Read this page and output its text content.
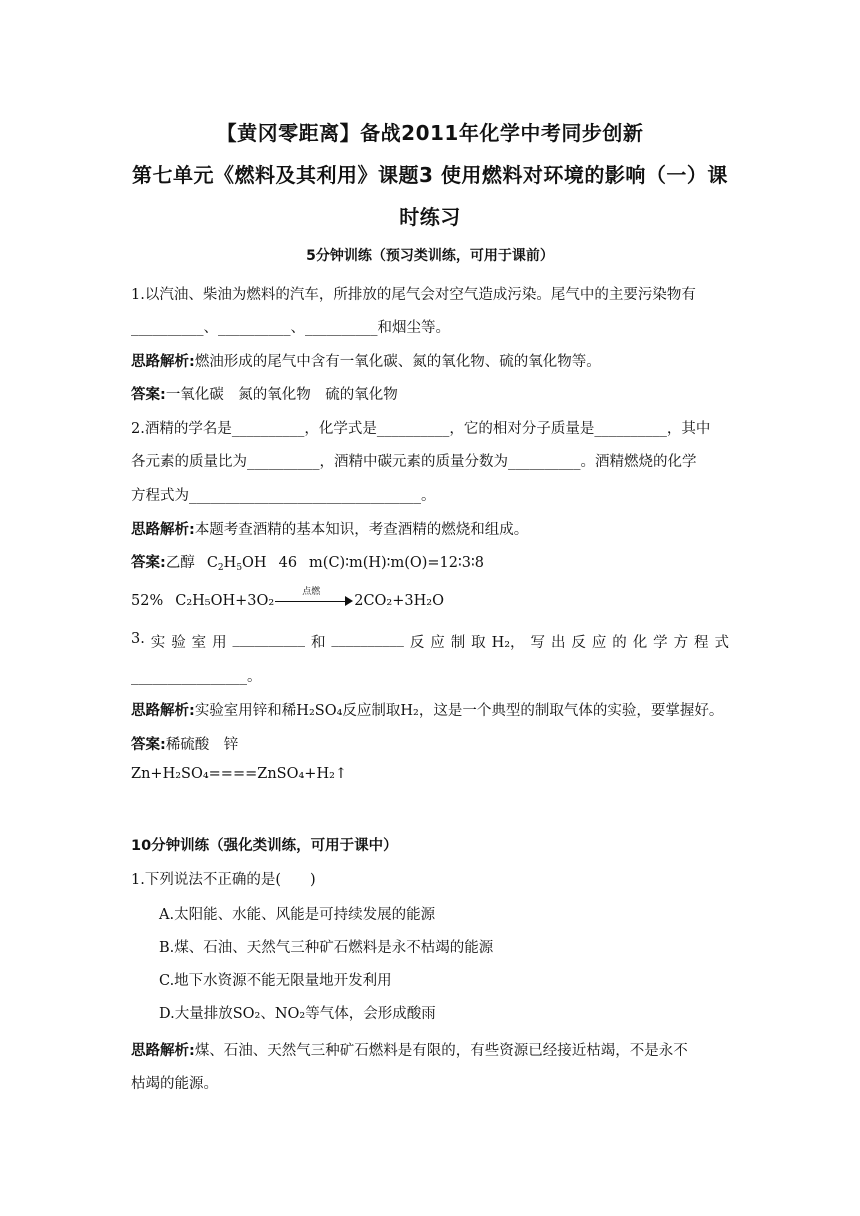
【黄冈零距离】备战2011年化学中考同步创新
第七单元《燃料及其利用》课题3 使用燃料对环境的影响（一）课
时练习
5分钟训练（预习类训练，可用于课前）
1.以汽油、柴油为燃料的汽车，所排放的尾气会对空气造成污染。尾气中的主要污染物有
__________、__________、__________和烟尘等。
思路解析:燃油形成的尾气中含有一氧化碳、氮的氧化物、硫的氧化物等。
答案:一氧化碳　氮的氧化物　硫的氧化物
2.酒精的学名是__________，化学式是__________，它的相对分子质量是__________，其中
各元素的质量比为__________，酒精中碳元素的质量分数为__________。酒精燃烧的化学
方程式为________________________________。
思路解析:本题考查酒精的基本知识，考查酒精的燃烧和组成。
答案:乙醇 $C_2H_5OH$ 46 m(C)∶m(H)∶m(O)=12∶3∶8
52% C₂H₅OH+3O₂
点燃
2CO₂+3H₂O
3. 实 验 室 用 __________ 和 __________ 反 应 制 取 H₂， 写 出 反 应 的 化 学 方 程 式
________________。
思路解析:实验室用锌和稀H₂SO₄反应制取H₂，这是一个典型的制取气体的实验，要掌握好。
答案:稀硫酸　锌
Zn+H₂SO₄====ZnSO₄+H₂↑
10分钟训练（强化类训练，可用于课中）
1.下列说法不正确的是(　　)
A.太阳能、水能、风能是可持续发展的能源
B.煤、石油、天然气三种矿石燃料是永不枯竭的能源
C.地下水资源不能无限量地开发利用
D.大量排放SO₂、NO₂等气体，会形成酸雨
思路解析:煤、石油、天然气三种矿石燃料是有限的，有些资源已经接近枯竭，不是永不
枯竭的能源。
